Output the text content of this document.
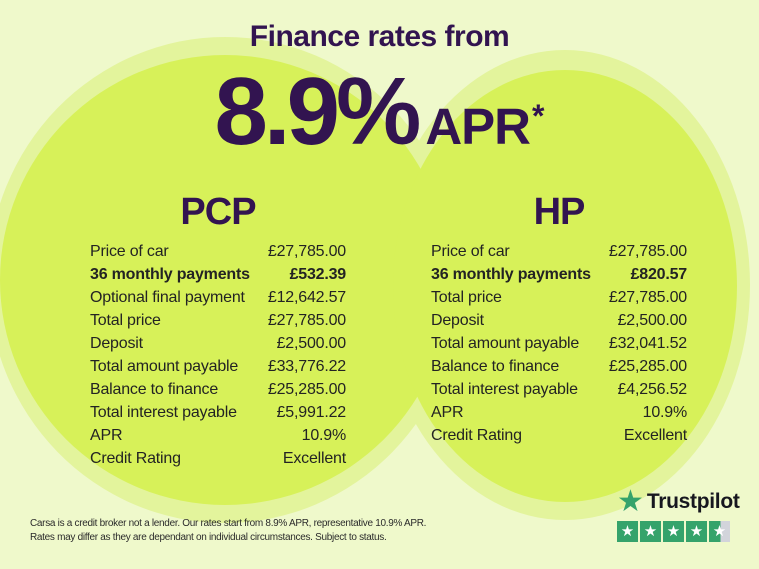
Finance rates from
8.9% APR *
PCP
Price of car	£27,785.00
36 monthly payments £532.39
Optional final payment £12,642.57
Total price	£27,785.00
Deposit	£2,500.00
Total amount payable £33,776.22
Balance to finance	£25,285.00
Total interest payable £5,991.22
APR	10.9%
Credit Rating	Excellent
HP
Price of car	£27,785.00
36 monthly payments £820.57
Total price	£27,785.00
Deposit	£2,500.00
Total amount payable £32,041.52
Balance to finance	£25,285.00
Total interest payable £4,256.52
APR	10.9%
Credit Rating	Excellent
Carsa is a credit broker not a lender. Our rates start from 8.9% APR, representative 10.9% APR.
Rates may differ as they are dependant on individual circumstances. Subject to status.
★ Trustpilot
★ ★ ★ ★ ★
